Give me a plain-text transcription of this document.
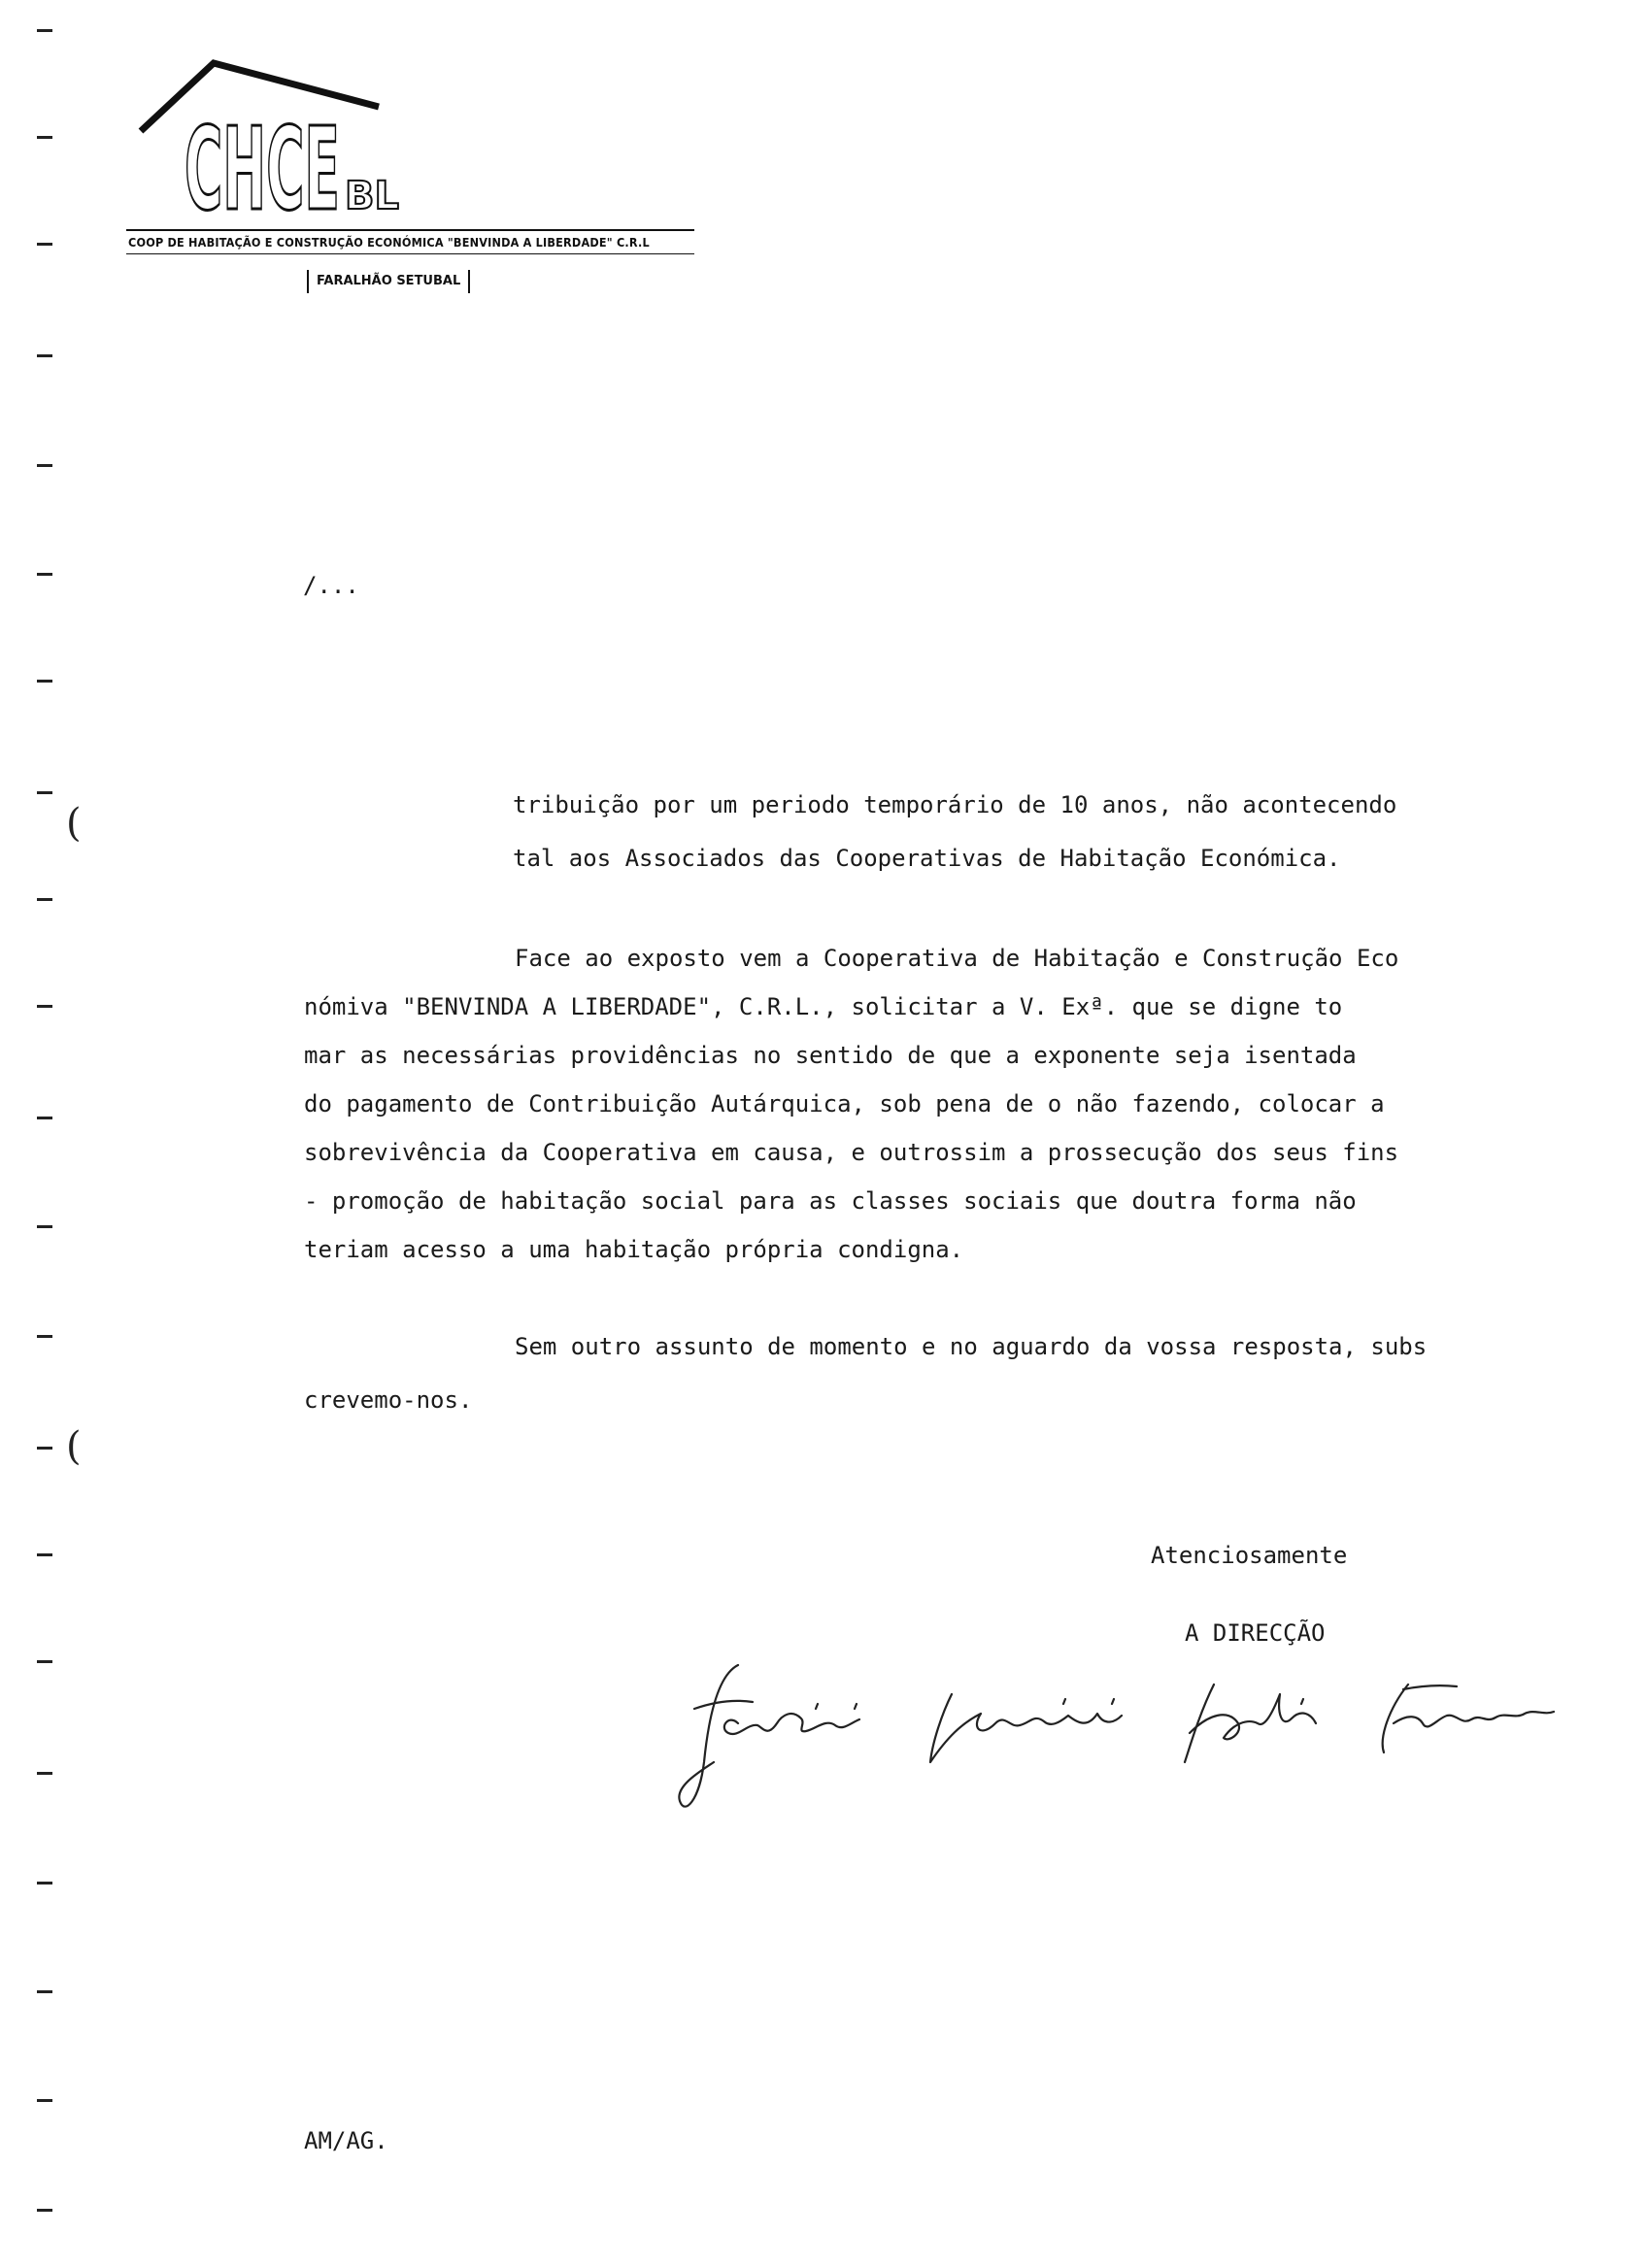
CHCE BL
COOP DE HABITAÇÃO E CONSTRUÇÃO ECONÓMICA "BENVINDA A LIBERDADE" C.R.L
FARALHÃO SETUBAL
(
(
/...
tribuição por um periodo temporário de 10 anos, não acontecendo
tal aos Associados das Cooperativas de Habitação Económica.
Face ao exposto vem a Cooperativa de Habitação e Construção Eco
nómiva "BENVINDA A LIBERDADE", C.R.L., solicitar a V. Exª. que se digne to
mar as necessárias providências no sentido de que a exponente seja isentada
do pagamento de Contribuição Autárquica, sob pena de o não fazendo, colocar a
sobrevivência da Cooperativa em causa, e outrossim a prossecução dos seus fins
- promoção de habitação social para as classes sociais que doutra forma não
teriam acesso a uma habitação própria condigna.
Sem outro assunto de momento e no aguardo da vossa resposta, subs
crevemo-nos.
Atenciosamente
A DIRECÇÃO
AM/AG.
